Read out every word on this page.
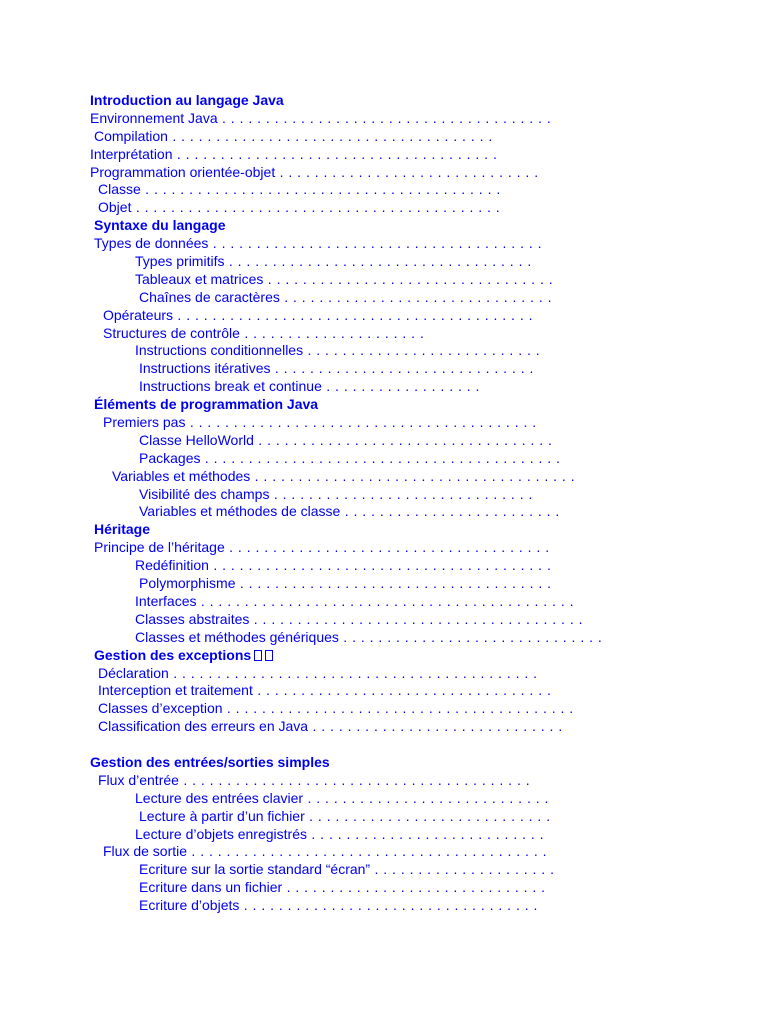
Introduction au langage Java
Environnement Java . . . . . . . . . . . . . . . . . . . . . . . . . . . . . . . . . . . . . .
Compilation . . . . . . . . . . . . . . . . . . . . . . . . . . . . . . . . . . . . .
Interprétation . . . . . . . . . . . . . . . . . . . . . . . . . . . . . . . . . . . . .
Programmation orientée-objet . . . . . . . . . . . . . . . . . . . . . . . . . . . . . .
Classe . . . . . . . . . . . . . . . . . . . . . . . . . . . . . . . . . . . . . . . . .
Objet . . . . . . . . . . . . . . . . . . . . . . . . . . . . . . . . . . . . . . . . . .
Syntaxe du langage
Types de données . . . . . . . . . . . . . . . . . . . . . . . . . . . . . . . . . . . . . .
Types primitifs . . . . . . . . . . . . . . . . . . . . . . . . . . . . . . . . . . .
Tableaux et matrices . . . . . . . . . . . . . . . . . . . . . . . . . . . . . . . . .
Chaînes de caractères . . . . . . . . . . . . . . . . . . . . . . . . . . . . . . .
Opérateurs . . . . . . . . . . . . . . . . . . . . . . . . . . . . . . . . . . . . . . . . .
Structures de contrôle . . . . . . . . . . . . . . . . . . . . .
Instructions conditionnelles . . . . . . . . . . . . . . . . . . . . . . . . . . .
Instructions itératives . . . . . . . . . . . . . . . . . . . . . . . . . . . . . .
Instructions break et continue . . . . . . . . . . . . . . . . . .
Éléments de programmation Java
Premiers pas . . . . . . . . . . . . . . . . . . . . . . . . . . . . . . . . . . . . . . . .
Classe HelloWorld . . . . . . . . . . . . . . . . . . . . . . . . . . . . . . . . . .
Packages . . . . . . . . . . . . . . . . . . . . . . . . . . . . . . . . . . . . . . . . .
Variables et méthodes . . . . . . . . . . . . . . . . . . . . . . . . . . . . . . . . . . . . .
Visibilité des champs . . . . . . . . . . . . . . . . . . . . . . . . . . . . . .
Variables et méthodes de classe . . . . . . . . . . . . . . . . . . . . . . . . .
Héritage
Principe de l’héritage . . . . . . . . . . . . . . . . . . . . . . . . . . . . . . . . . . . . .
Redéfinition . . . . . . . . . . . . . . . . . . . . . . . . . . . . . . . . . . . . . . .
Polymorphisme . . . . . . . . . . . . . . . . . . . . . . . . . . . . . . . . . . . .
Interfaces . . . . . . . . . . . . . . . . . . . . . . . . . . . . . . . . . . . . . . . . . . .
Classes abstraites . . . . . . . . . . . . . . . . . . . . . . . . . . . . . . . . . . . . . .
Classes et méthodes génériques . . . . . . . . . . . . . . . . . . . . . . . . . . . . . .
Gestion des exceptions
Déclaration . . . . . . . . . . . . . . . . . . . . . . . . . . . . . . . . . . . . . . . . . .
Interception et traitement . . . . . . . . . . . . . . . . . . . . . . . . . . . . . . . . . .
Classes d’exception . . . . . . . . . . . . . . . . . . . . . . . . . . . . . . . . . . . . . . . .
Classification des erreurs en Java . . . . . . . . . . . . . . . . . . . . . . . . . . . . .
Gestion des entrées/sorties simples
Flux d’entrée . . . . . . . . . . . . . . . . . . . . . . . . . . . . . . . . . . . . . . . .
Lecture des entrées clavier . . . . . . . . . . . . . . . . . . . . . . . . . . . .
Lecture à partir d’un fichier . . . . . . . . . . . . . . . . . . . . . . . . . . . .
Lecture d’objets enregistrés . . . . . . . . . . . . . . . . . . . . . . . . . . .
Flux de sortie . . . . . . . . . . . . . . . . . . . . . . . . . . . . . . . . . . . . . . . . .
Ecriture sur la sortie standard “écran” . . . . . . . . . . . . . . . . . . . . .
Ecriture dans un fichier . . . . . . . . . . . . . . . . . . . . . . . . . . . . . .
Ecriture d’objets . . . . . . . . . . . . . . . . . . . . . . . . . . . . . . . . . .
